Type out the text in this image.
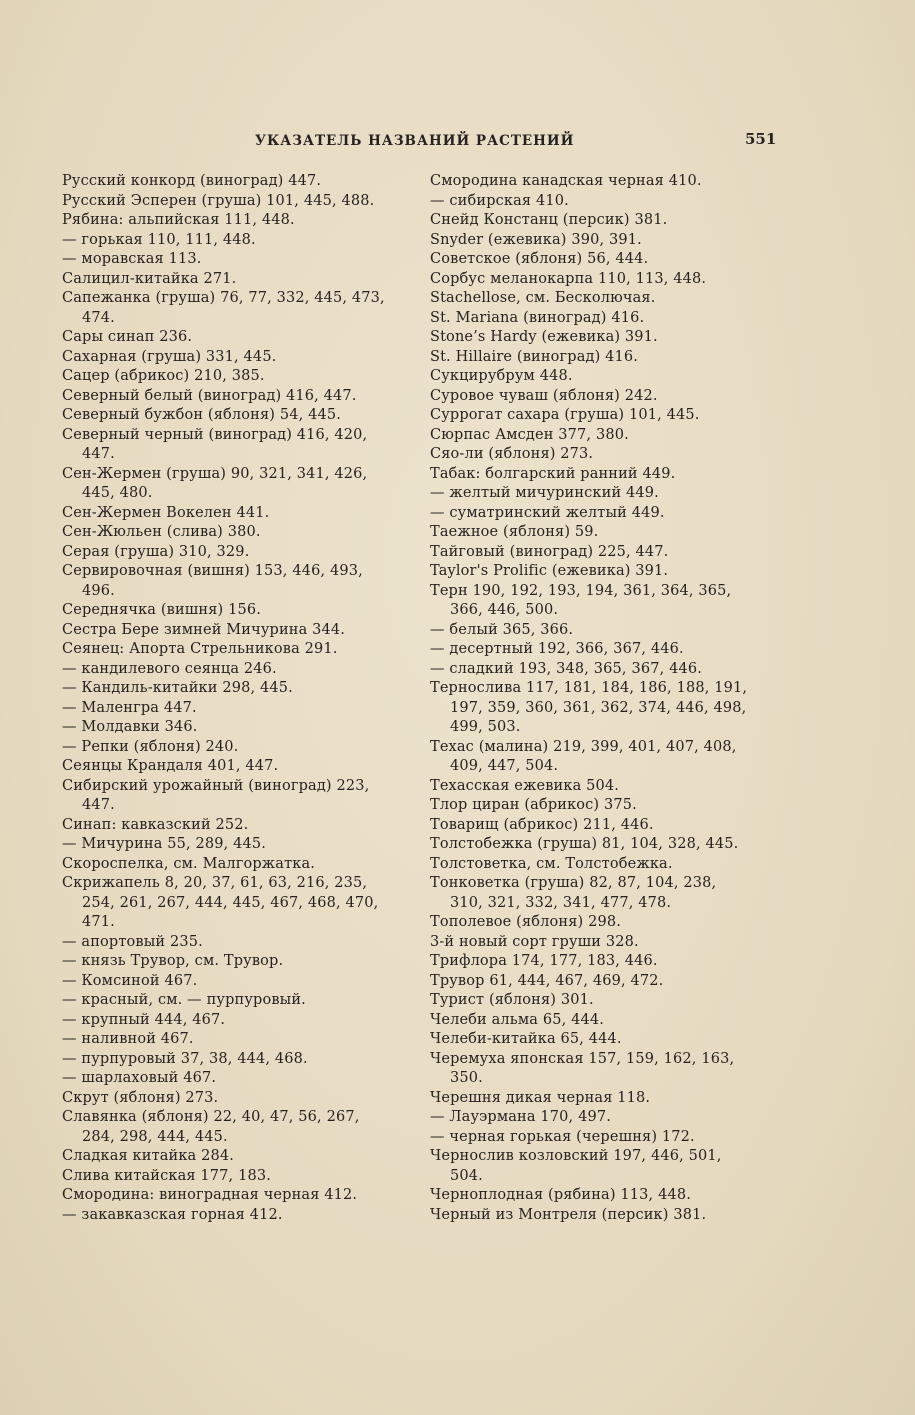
УКАЗАТЕЛЬ НАЗВАНИЙ РАСТЕНИЙ	551
Русский конкорд (виноград) 447.
Русский Эсперен (груша) 101, 445, 488.
Рябина: альпийская 111, 448.
— горькая 110, 111, 448.
— моравская 113.
Салицил-китайка 271.
Сапежанка (груша) 76, 77, 332, 445, 473,
474.
Сары синап 236.
Сахарная (груша) 331, 445.
Сацер (абрикос) 210, 385.
Северный белый (виноград) 416, 447.
Северный бужбон (яблоня) 54, 445.
Северный черный (виноград) 416, 420,
447.
Сен-Жермен (груша) 90, 321, 341, 426,
445, 480.
Сен-Жермен Вокелен 441.
Сен-Жюльен (слива) 380.
Серая (груша) 310, 329.
Сервировочная (вишня) 153, 446, 493,
496.
Середнячка (вишня) 156.
Сестра Бере зимней Мичурина 344.
Сеянец: Апорта Стрельникова 291.
— кандилевого сеянца 246.
— Кандиль-китайки 298, 445.
— Маленгра 447.
— Молдавки 346.
— Репки (яблоня) 240.
Сеянцы Крандаля 401, 447.
Сибирский урожайный (виноград) 223,
447.
Синап: кавказский 252.
— Мичурина 55, 289, 445.
Скороспелка, см. Малгоржатка.
Скрижапель 8, 20, 37, 61, 63, 216, 235,
254, 261, 267, 444, 445, 467, 468, 470,
471.
— апортовый 235.
— князь Трувор, см. Трувор.
— Комсиной 467.
— красный, см. — пурпуровый.
— крупный 444, 467.
— наливной 467.
— пурпуровый 37, 38, 444, 468.
— шарлаховый 467.
Скрут (яблоня) 273.
Славянка (яблоня) 22, 40, 47, 56, 267,
284, 298, 444, 445.
Сладкая китайка 284.
Слива китайская 177, 183.
Смородина: виноградная черная 412.
— закавказская горная 412.
Смородина канадская черная 410.
— сибирская 410.
Снейд Констанц (персик) 381.
Snyder (ежевика) 390, 391.
Советское (яблоня) 56, 444.
Сорбус меланокарпа 110, 113, 448.
Stachellose, см. Бесколючая.
St. Mariana (виноград) 416.
Stone’s Hardy (ежевика) 391.
St. Hillaire (виноград) 416.
Сукцирубрум 448.
Суровое чуваш (яблоня) 242.
Суррогат сахара (груша) 101, 445.
Сюрпас Амсден 377, 380.
Сяо-ли (яблоня) 273.
Табак: болгарский ранний 449.
— желтый мичуринский 449.
— суматринский желтый 449.
Таежное (яблоня) 59.
Тайговый (виноград) 225, 447.
Taylor's Prolific (ежевика) 391.
Терн 190, 192, 193, 194, 361, 364, 365,
366, 446, 500.
— белый 365, 366.
— десертный 192, 366, 367, 446.
— сладкий 193, 348, 365, 367, 446.
Тернослива 117, 181, 184, 186, 188, 191,
197, 359, 360, 361, 362, 374, 446, 498,
499, 503.
Техас (малина) 219, 399, 401, 407, 408,
409, 447, 504.
Техасская ежевика 504.
Тлор циран (абрикос) 375.
Товарищ (абрикос) 211, 446.
Толстобежка (груша) 81, 104, 328, 445.
Толстоветка, см. Толстобежка.
Тонковетка (груша) 82, 87, 104, 238,
310, 321, 332, 341, 477, 478.
Тополевое (яблоня) 298.
3-й новый сорт груши 328.
Трифлора 174, 177, 183, 446.
Трувор 61, 444, 467, 469, 472.
Турист (яблоня) 301.
Челеби альма 65, 444.
Челеби-китайка 65, 444.
Черемуха японская 157, 159, 162, 163,
350.
Черешня дикая черная 118.
— Лауэрмана 170, 497.
— черная горькая (черешня) 172.
Чернослив козловский 197, 446, 501,
504.
Черноплодная (рябина) 113, 448.
Черный из Монтреля (персик) 381.
